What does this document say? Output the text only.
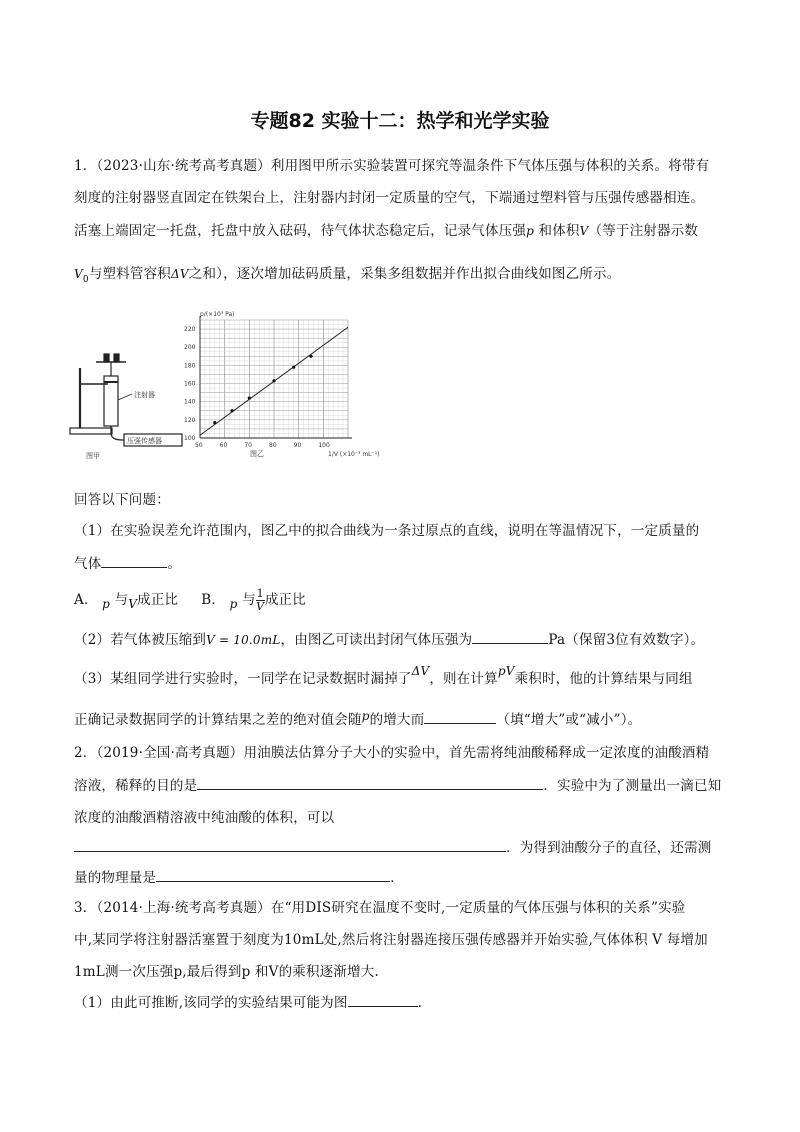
专题82 实验十二：热学和光学实验
1．（2023·山东·统考高考真题）利用图甲所示实验装置可探究等温条件下气体压强与体积的关系。将带有
刻度的注射器竖直固定在铁架台上，注射器内封闭一定质量的空气，下端通过塑料管与压强传感器相连。
活塞上端固定一托盘，托盘中放入砝码，待气体状态稳定后，记录气体压强p 和体积V（等于注射器示数
$V_0$与塑料管容积ΔV之和），逐次增加砝码质量，采集多组数据并作出拟合曲线如图乙所示。
注射器
压强传感器
图甲
50	60	70	80	90	100
160
140
120
100
180
200
220
p/(×10³ Pa)
1/V (×10⁻³ mL⁻¹)
图乙
回答以下问题：
（1）在实验误差允许范围内，图乙中的拟合曲线为一条过原点的直线，说明在等温情况下，一定质量的
气体	。
A． p 与V成正比 B． p 与 $\frac{1}{V}$ 成正比
（2）若气体被压缩到V = 10.0mL，由图乙可读出封闭气体压强为	Pa（保留3位有效数字）。
（3）某组同学进行实验时，一同学在记录数据时漏掉了ΔV，则在计算pV乘积时，他的计算结果与同组
正确记录数据同学的计算结果之差的绝对值会随p的增大而	（填“增大”或“减小”）。
2．（2019·全国·高考真题）用油膜法估算分子大小的实验中，首先需将纯油酸稀释成一定浓度的油酸酒精
溶液，稀释的目的是	．实验中为了测量出一滴已知
浓度的油酸酒精溶液中纯油酸的体积，可以
．为得到油酸分子的直径，还需测
量的物理量是	．
3．（2014·上海·统考高考真题）在“用DIS研究在温度不变时,一定质量的气体压强与体积的关系”实验
中,某同学将注射器活塞置于刻度为10mL处,然后将注射器连接压强传感器并开始实验,气体体积 V 每增加
1mL测一次压强p,最后得到p 和V的乘积逐渐增大.
（1）由此可推断,该同学的实验结果可能为图	.
